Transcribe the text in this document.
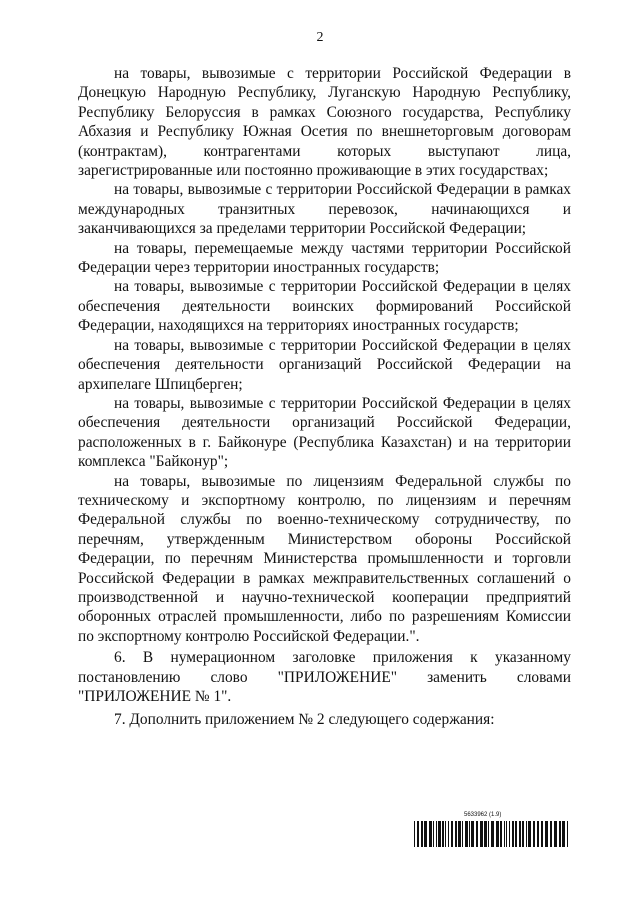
2

на товары, вывозимые с территории Российской Федерации в Донецкую Народную Республику, Луганскую Народную Республику, Республику Белоруссия в рамках Союзного государства, Республику Абхазия и Республику Южная Осетия по внешнеторговым договорам (контрактам), контрагентами которых выступают лица, зарегистрированные или постоянно проживающие в этих государствах;

на товары, вывозимые с территории Российской Федерации в рамках международных транзитных перевозок, начинающихся и заканчивающихся за пределами территории Российской Федерации;

на товары, перемещаемые между частями территории Российской Федерации через территории иностранных государств;

на товары, вывозимые с территории Российской Федерации в целях обеспечения деятельности воинских формирований Российской Федерации, находящихся на территориях иностранных государств;

на товары, вывозимые с территории Российской Федерации в целях обеспечения деятельности организаций Российской Федерации на архипелаге Шпицберген;

на товары, вывозимые с территории Российской Федерации в целях обеспечения деятельности организаций Российской Федерации, расположенных в г. Байконуре (Республика Казахстан) и на территории комплекса "Байконур";

на товары, вывозимые по лицензиям Федеральной службы по техническому и экспортному контролю, по лицензиям и перечням Федеральной службы по военно-техническому сотрудничеству, по перечням, утвержденным Министерством обороны Российской Федерации, по перечням Министерства промышленности и торговли Российской Федерации в рамках межправительственных соглашений о производственной и научно-технической кооперации предприятий оборонных отраслей промышленности, либо по разрешениям Комиссии по экспортному контролю Российской Федерации.".

6. В нумерационном заголовке приложения к указанному постановлению слово "ПРИЛОЖЕНИЕ" заменить словами "ПРИЛОЖЕНИЕ № 1".

7. Дополнить приложением № 2 следующего содержания:

5633962 (1.9)
